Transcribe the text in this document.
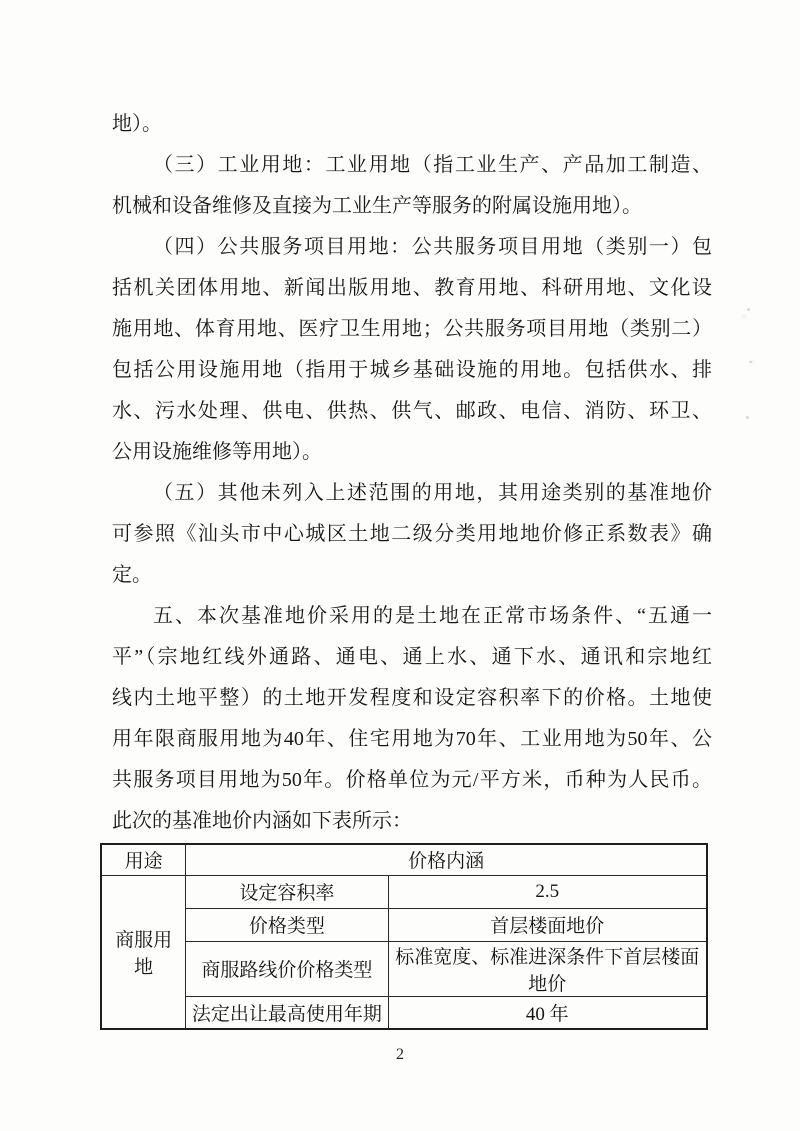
地）。
（三）工业用地：工业用地（指工业生产、产品加工制造、
机械和设备维修及直接为工业生产等服务的附属设施用地）。
（四）公共服务项目用地：公共服务项目用地（类别一）包
括机关团体用地、新闻出版用地、教育用地、科研用地、文化设
施用地、体育用地、医疗卫生用地；公共服务项目用地（类别二）
包括公用设施用地（指用于城乡基础设施的用地。包括供水、排
水、污水处理、供电、供热、供气、邮政、电信、消防、环卫、
公用设施维修等用地）。
（五）其他未列入上述范围的用地，其用途类别的基准地价
可参照《汕头市中心城区土地二级分类用地地价修正系数表》确
定。
五、本次基准地价采用的是土地在正常市场条件、“五通一
平”（宗地红线外通路、通电、通上水、通下水、通讯和宗地红
线内土地平整）的土地开发程度和设定容积率下的价格。土地使
用年限商服用地为40年、住宅用地为70年、工业用地为50年、公
共服务项目用地为50年。价格单位为元/平方米，币种为人民币。
此次的基准地价内涵如下表所示：
用途	价格内涵	
商服用地	设定容积率	2.5
	价格类型	首层楼面地价
	商服路线价价格类型	标准宽度、标准进深条件下首层楼面地价
	法定出让最高使用年期	40 年
2
